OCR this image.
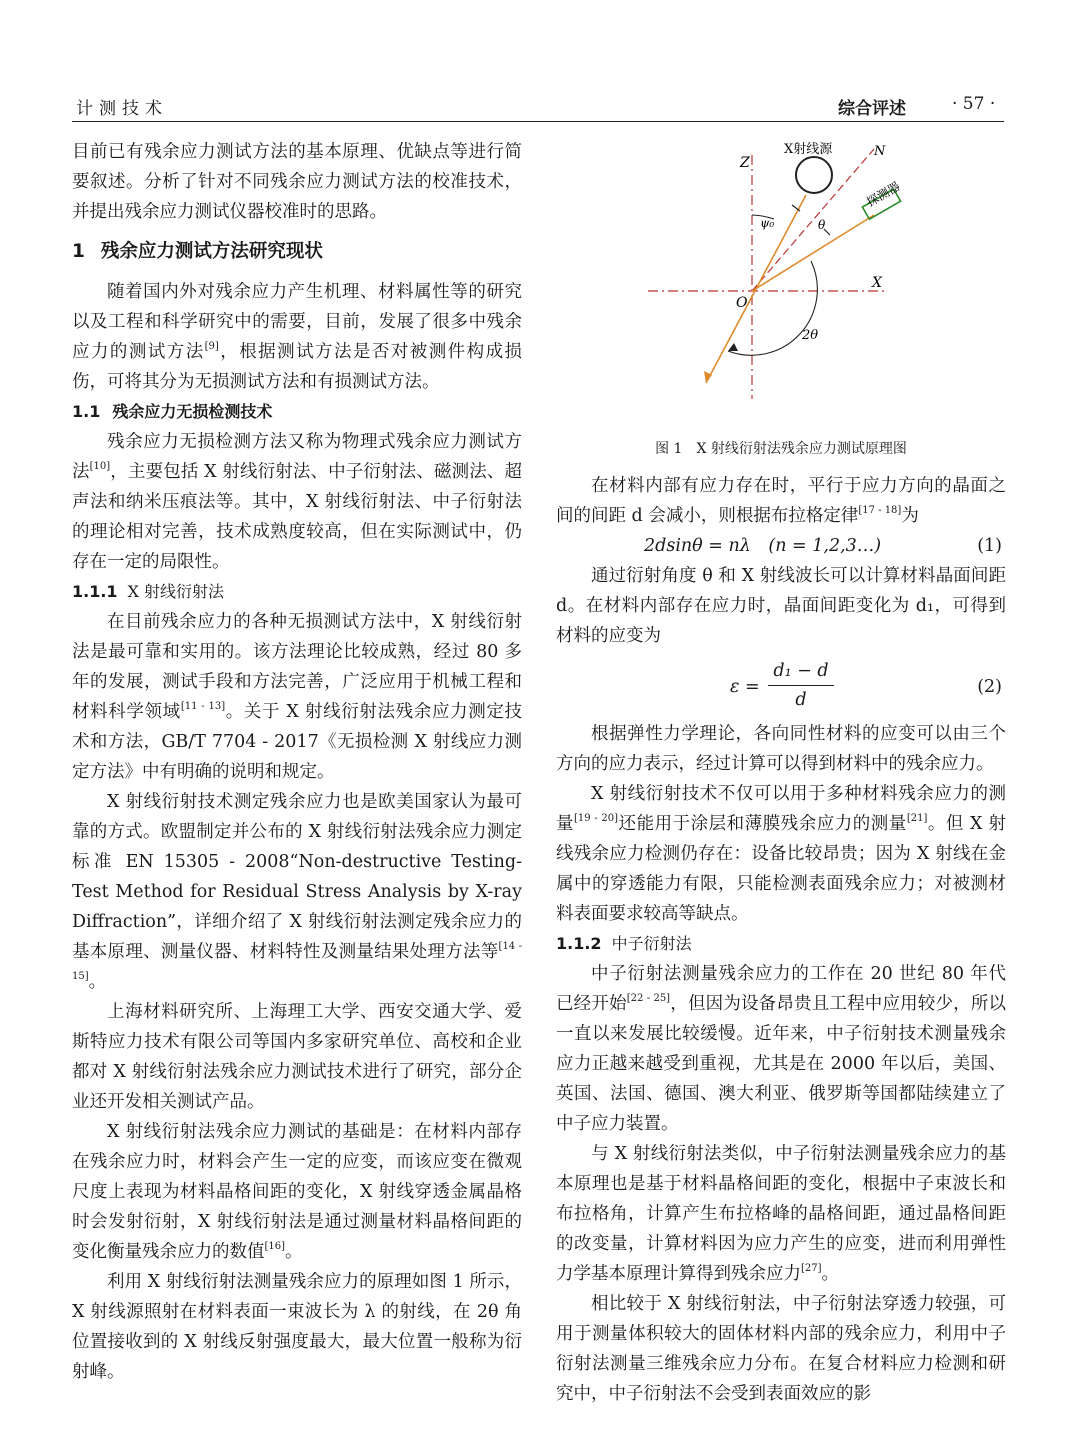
计测技术	综合评述	· 57 ·

目前已有残余应力测试方法的基本原理、优缺点等进行简要叙述。分析了针对不同残余应力测试方法的校准技术，并提出残余应力测试仪器校准时的思路。

1 残余应力测试方法研究现状

随着国内外对残余应力产生机理、材料属性等的研究以及工程和科学研究中的需要，目前，发展了很多中残余应力的测试方法[9]，根据测试方法是否对被测件构成损伤，可将其分为无损测试方法和有损测试方法。

1.1 残余应力无损检测技术

残余应力无损检测方法又称为物理式残余应力测试方法[10]，主要包括 X 射线衍射法、中子衍射法、磁测法、超声法和纳米压痕法等。其中，X 射线衍射法、中子衍射法的理论相对完善，技术成熟度较高，但在实际测试中，仍存在一定的局限性。

1.1.1 X 射线衍射法

在目前残余应力的各种无损测试方法中，X 射线衍射法是最可靠和实用的。该方法理论比较成熟，经过 80 多年的发展，测试手段和方法完善，广泛应用于机械工程和材料科学领域[11 - 13]。关于 X 射线衍射法残余应力测定技术和方法，GB/T 7704 - 2017《无损检测 X 射线应力测定方法》中有明确的说明和规定。

X 射线衍射技术测定残余应力也是欧美国家认为最可靠的方式。欧盟制定并公布的 X 射线衍射法残余应力测定标准 EN 15305 - 2008“Non-destructive Testing-Test Method for Residual Stress Analysis by X-ray Diffraction”，详细介绍了 X 射线衍射法测定残余应力的基本原理、测量仪器、材料特性及测量结果处理方法等[14 - 15]。

上海材料研究所、上海理工大学、西安交通大学、爱斯特应力技术有限公司等国内多家研究单位、高校和企业都对 X 射线衍射法残余应力测试技术进行了研究，部分企业还开发相关测试产品。

X 射线衍射法残余应力测试的基础是：在材料内部存在残余应力时，材料会产生一定的应变，而该应变在微观尺度上表现为材料晶格间距的变化，X 射线穿透金属晶格时会发射衍射，X 射线衍射法是通过测量材料晶格间距的变化衡量残余应力的数值[16]。

利用 X 射线衍射法测量残余应力的原理如图 1 所示，X 射线源照射在材料表面一束波长为 λ 的射线，在 2θ 角位置接收到的 X 射线反射强度最大，最大位置一般称为衍射峰。

X射线源
探测器
Z
X
N
O
ψ₀	θ
2θ
图 1　X 射线衍射法残余应力测试原理图

在材料内部有应力存在时，平行于应力方向的晶面之间的间距 d 会减小，则根据布拉格定律[17 - 18]为

2dsinθ = nλ　(n = 1,2,3…)	(1)

通过衍射角度 θ 和 X 射线波长可以计算材料晶面间距 d。在材料内部存在应力时，晶面间距变化为 d₁，可得到材料的应变为

$\varepsilon = \frac{\text{d₁ − d}}{d}$	(2)

根据弹性力学理论，各向同性材料的应变可以由三个方向的应力表示，经过计算可以得到材料中的残余应力。

X 射线衍射技术不仅可以用于多种材料残余应力的测量[19 - 20]还能用于涂层和薄膜残余应力的测量[21]。但 X 射线残余应力检测仍存在：设备比较昂贵；因为 X 射线在金属中的穿透能力有限，只能检测表面残余应力；对被测材料表面要求较高等缺点。

1.1.2 中子衍射法

中子衍射法测量残余应力的工作在 20 世纪 80 年代已经开始[22 - 25]，但因为设备昂贵且工程中应用较少，所以一直以来发展比较缓慢。近年来，中子衍射技术测量残余应力正越来越受到重视，尤其是在 2000 年以后，美国、英国、法国、德国、澳大利亚、俄罗斯等国都陆续建立了中子应力装置。

与 X 射线衍射法类似，中子衍射法测量残余应力的基本原理也是基于材料晶格间距的变化，根据中子束波长和布拉格角，计算产生布拉格峰的晶格间距，通过晶格间距的改变量，计算材料因为应力产生的应变，进而利用弹性力学基本原理计算得到残余应力[27]。

相比较于 X 射线衍射法，中子衍射法穿透力较强，可用于测量体积较大的固体材料内部的残余应力，利用中子衍射法测量三维残余应力分布。在复合材料应力检测和研究中，中子衍射法不会受到表面效应的影
